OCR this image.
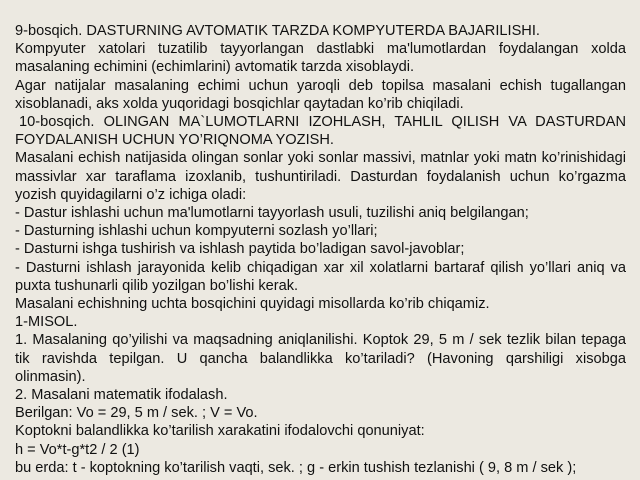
9-bosqich. DASTURNING AVTOMATIK TARZDA KOMPYUTERDA BAJARILISHI.

Kompyuter xatolari tuzatilib tayyorlangan dastlabki ma'lumotlardan foydalangan xolda masalaning echimini (echimlarini) avtomatik tarzda xisoblaydi.

Agar natijalar masalaning echimi uchun yaroqli deb topilsa masalani echish tugallangan xisoblanadi, aks xolda yuqoridagi bosqichlar qaytadan ko’rib chiqiladi.

10-bosqich. OLINGAN MA`LUMOTLARNI IZOHLASH, TAHLIL QILISH VA DASTURDAN FOYDALANISH UCHUN YO’RIQNOMA YOZISH.

Masalani echish natijasida olingan sonlar yoki sonlar massivi, matnlar yoki matn ko’rinishidagi massivlar xar taraflama izoxlanib, tushuntiriladi. Dasturdan foydalanish uchun ko’rgazma yozish quyidagilarni o’z ichiga oladi:

- Dastur ishlashi uchun ma'lumotlarni tayyorlash usuli, tuzilishi aniq belgilangan;

- Dasturning ishlashi uchun kompyuterni sozlash yo’llari;

- Dasturni ishga tushirish va ishlash paytida bo’ladigan savol-javoblar;

- Dasturni ishlash jarayonida kelib chiqadigan xar xil xolatlarni bartaraf qilish yo’llari aniq va puxta tushunarli qilib yozilgan bo’lishi kerak.

Masalani echishning uchta bosqichini quyidagi misollarda ko’rib chiqamiz.

1-MISOL.

1. Masalaning qo’yilishi va maqsadning aniqlanilishi. Koptok 29, 5 m / sek tezlik bilan tepaga tik ravishda tepilgan. U qancha balandlikka ko’tariladi? (Havoning qarshiligi xisobga olinmasin).

2. Masalani matematik ifodalash.

Berilgan: Vo = 29, 5 m / sek. ; V = Vo.

Koptokni balandlikka ko’tarilish xarakatini ifodalovchi qonuniyat:

h = Vo*t-g*t2 / 2 (1)

bu erda: t - koptokning ko’tarilish vaqti, sek. ; g - erkin tushish tezlanishi ( 9, 8 m / sek );
